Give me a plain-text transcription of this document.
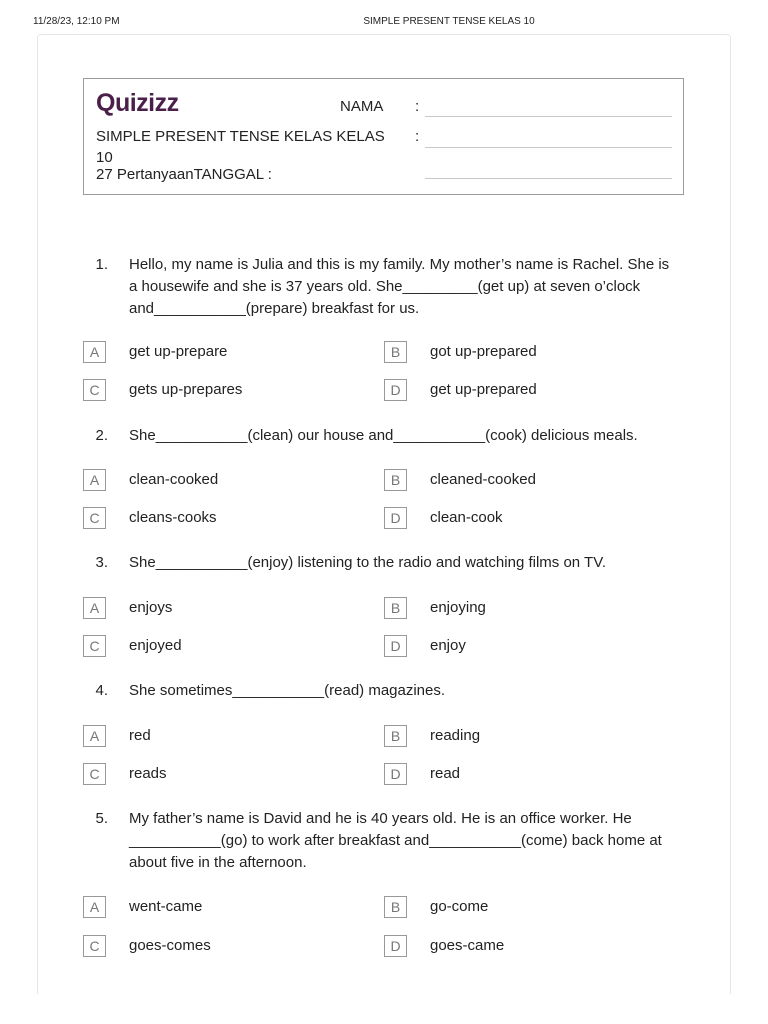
11/28/23, 12:10 PM	SIMPLE PRESENT TENSE KELAS 10
Quizizz	NAMA :
SIMPLE PRESENT TENSE KELAS KELAS :
10
27 PertanyaanTANGGAL :
1. Hello, my name is Julia and this is my family. My mother’s name is Rachel. She is a housewife and she is 37 years old. She_________(get up) at seven o’clock and___________(prepare) breakfast for us.
A	get up-prepare	B	got up-prepared
C	gets up-prepares	D	get up-prepared
2. She___________(clean) our house and___________(cook) delicious meals.
A	clean-cooked	B	cleaned-cooked
C	cleans-cooks	D	clean-cook
3. She___________(enjoy) listening to the radio and watching films on TV.
A	enjoys	B	enjoying
C	enjoyed	D	enjoy
4. She sometimes___________(read) magazines.
A	red	B	reading
C	reads	D	read
5. My father’s name is David and he is 40 years old. He is an office worker. He ___________(go) to work after breakfast and___________(come) back home at about five in the afternoon.
A	went-came	B	go-come
C	goes-comes	D	goes-came
